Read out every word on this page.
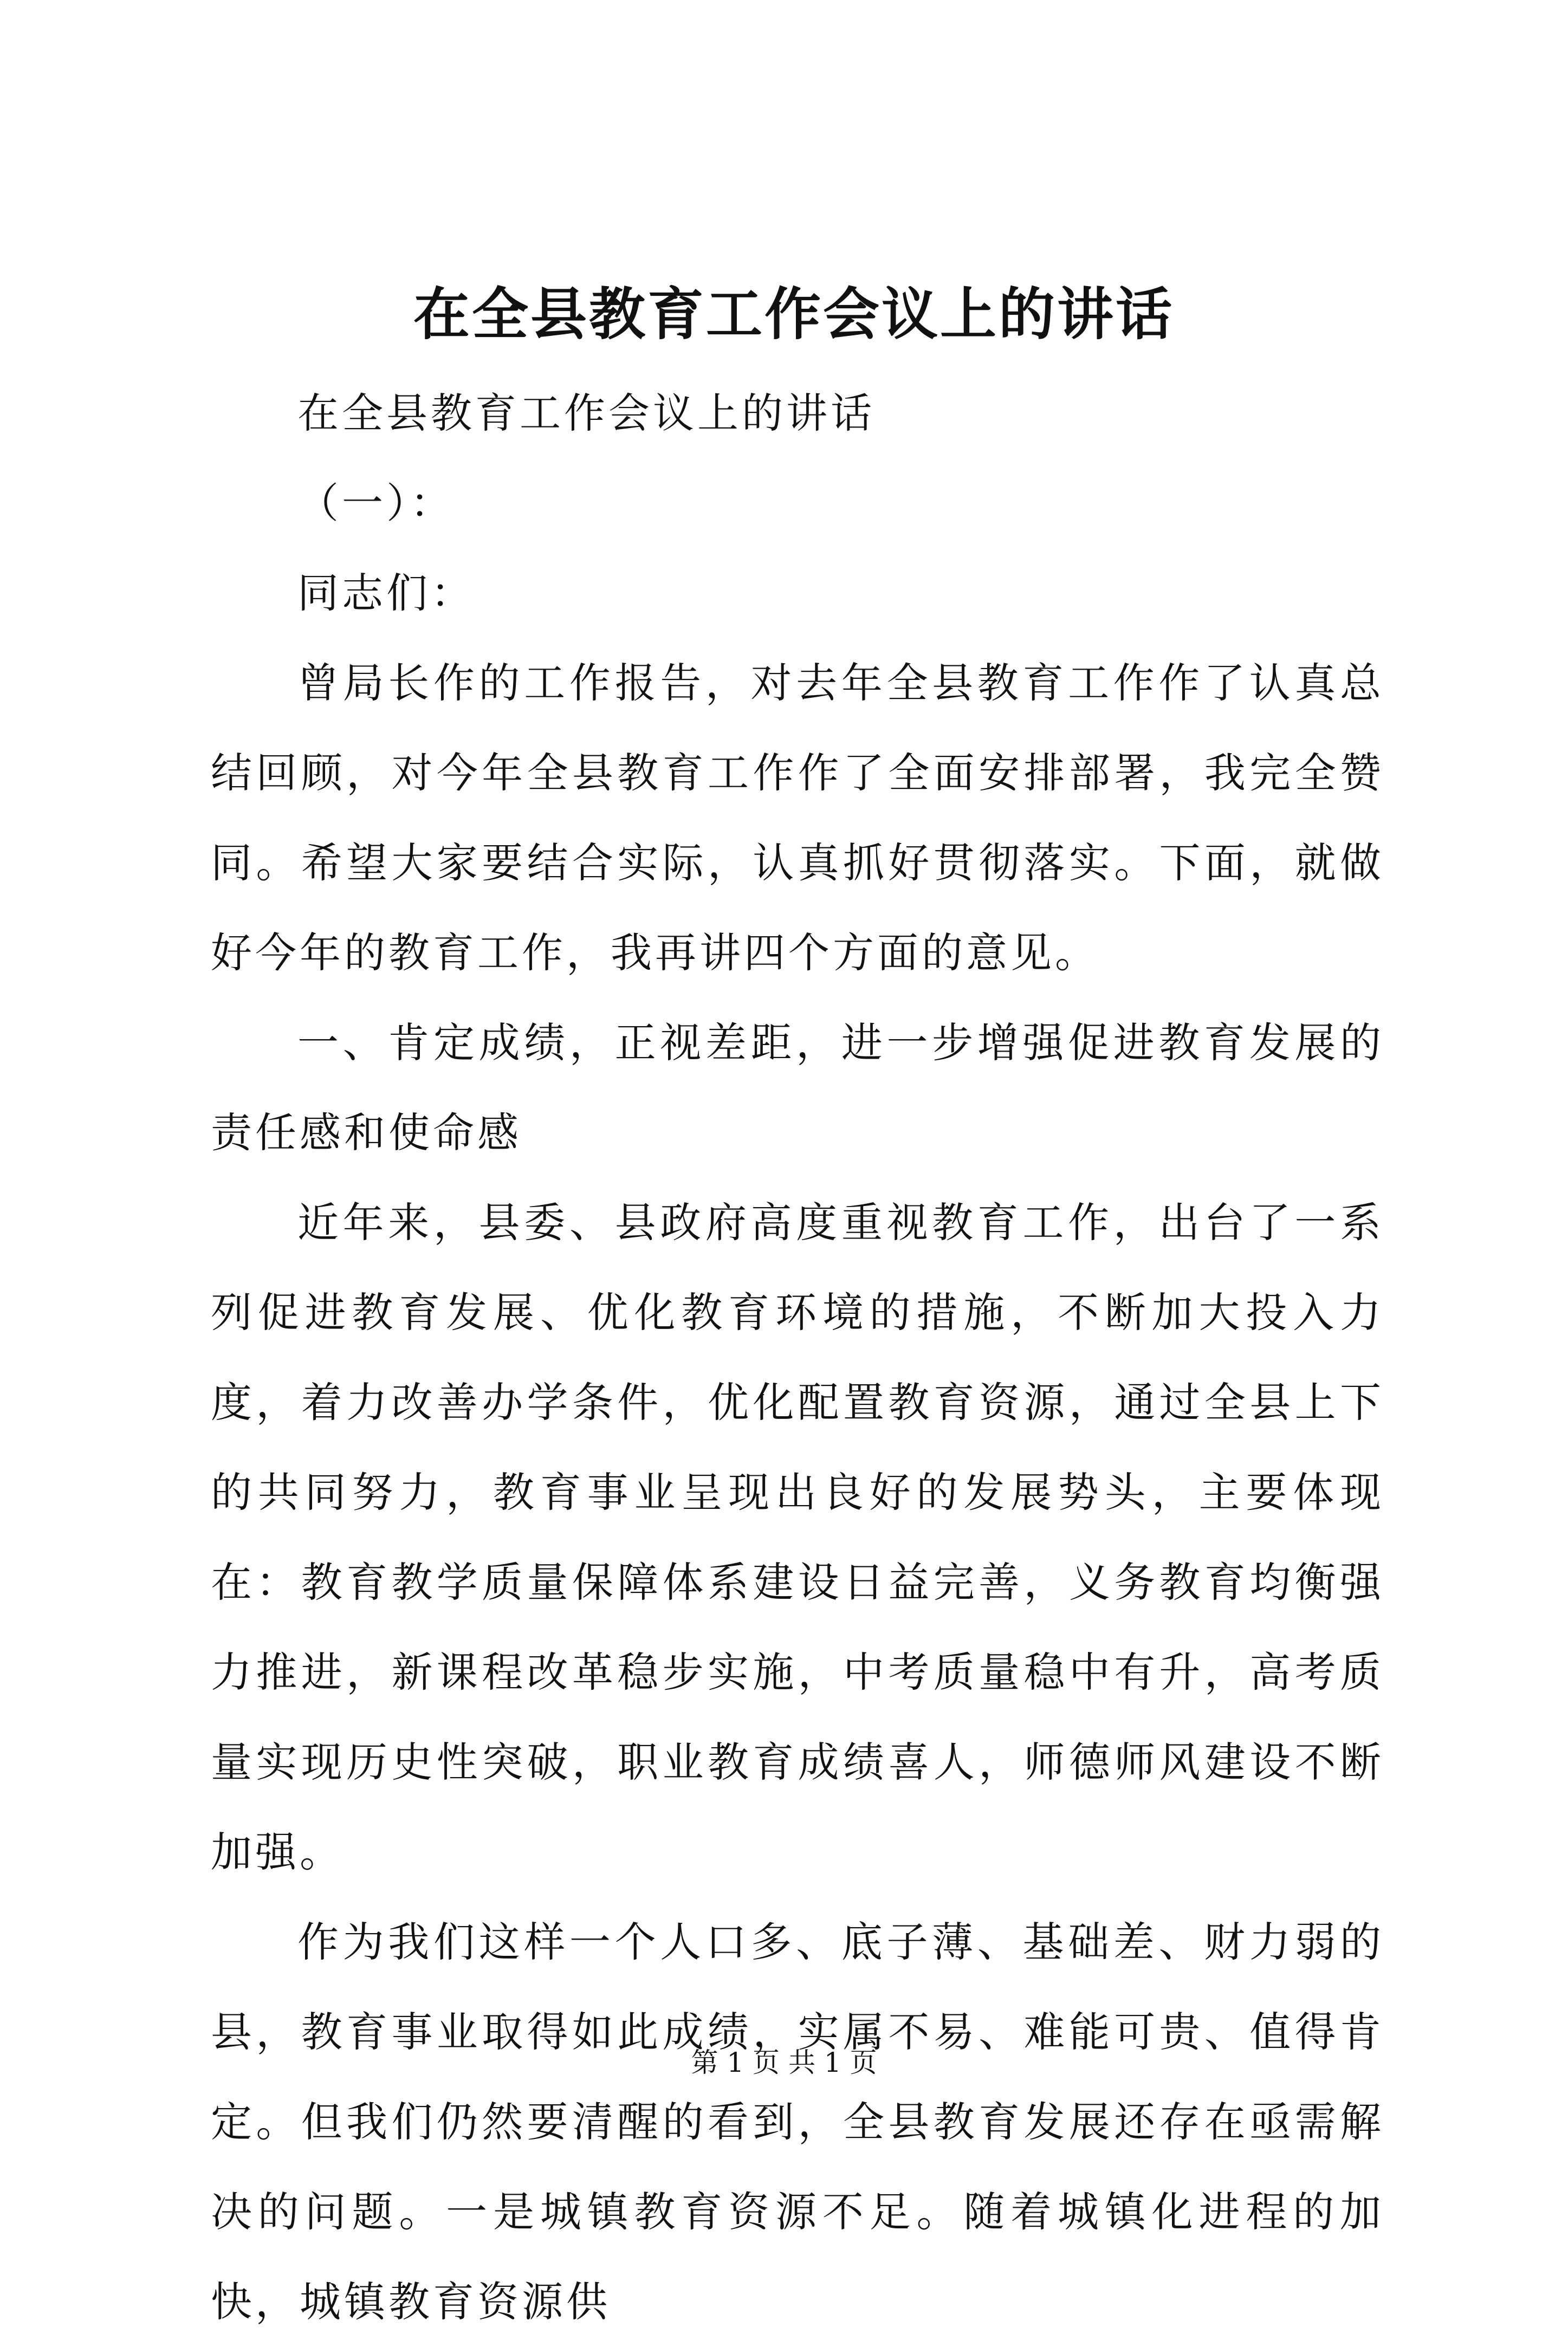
在全县教育工作会议上的讲话

在全县教育工作会议上的讲话

（一）：

同志们：

曾局长作的工作报告，对去年全县教育工作作了认真总结回顾，对今年全县教育工作作了全面安排部署，我完全赞同。希望大家要结合实际，认真抓好贯彻落实。下面，就做好今年的教育工作，我再讲四个方面的意见。

一、肯定成绩，正视差距，进一步增强促进教育发展的责任感和使命感

近年来，县委、县政府高度重视教育工作，出台了一系列促进教育发展、优化教育环境的措施，不断加大投入力度，着力改善办学条件，优化配置教育资源，通过全县上下的共同努力，教育事业呈现出良好的发展势头，主要体现在：教育教学质量保障体系建设日益完善，义务教育均衡强力推进，新课程改革稳步实施，中考质量稳中有升，高考质量实现历史性突破，职业教育成绩喜人，师德师风建设不断加强。

作为我们这样一个人口多、底子薄、基础差、财力弱的县，教育事业取得如此成绩，实属不易、难能可贵、值得肯定。但我们仍然要清醒的看到，全县教育发展还存在亟需解决的问题。一是城镇教育资源不足。随着城镇化进程的加快，城镇教育资源供

第 1 页 共 1 页
